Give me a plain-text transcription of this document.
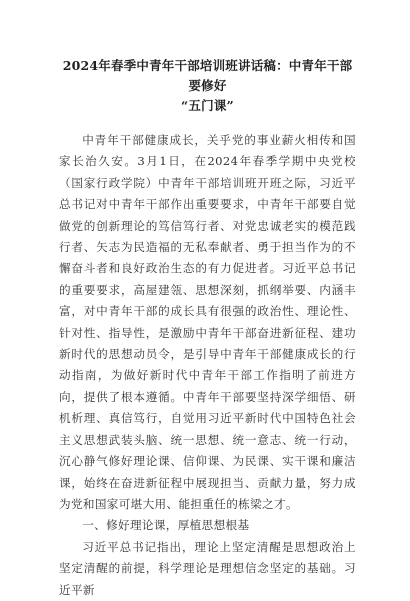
2024年春季中青年干部培训班讲话稿：中青年干部要修好
“五门课”

中青年干部健康成长，关乎党的事业薪火相传和国家长治久安。3月1日，在2024年春季学期中央党校（国家行政学院）中青年干部培训班开班之际，习近平总书记对中青年干部作出重要要求，中青年干部要自觉做党的创新理论的笃信笃行者、对党忠诚老实的模范践行者、矢志为民造福的无私奉献者、勇于担当作为的不懈奋斗者和良好政治生态的有力促进者。习近平总书记的重要要求，高屋建瓴、思想深刻，抓纲举要、内涵丰富，对中青年干部的成长具有很强的政治性、理论性、针对性、指导性，是激励中青年干部奋进新征程、建功新时代的思想动员令，是引导中青年干部健康成长的行动指南，为做好新时代中青年干部工作指明了前进方向，提供了根本遵循。中青年干部要坚持深学细悟、研机析理、真信笃行，自觉用习近平新时代中国特色社会主义思想武装头脑、统一思想、统一意志、统一行动，沉心静气修好理论课、信仰课、为民课、实干课和廉洁课，始终在奋进新征程中展现担当、贡献力量，努力成为党和国家可堪大用、能担重任的栋梁之才。

一、修好理论课，厚植思想根基

习近平总书记指出，理论上坚定清醒是思想政治上坚定清醒的前提，科学理论是理想信念坚定的基础。习近平新
